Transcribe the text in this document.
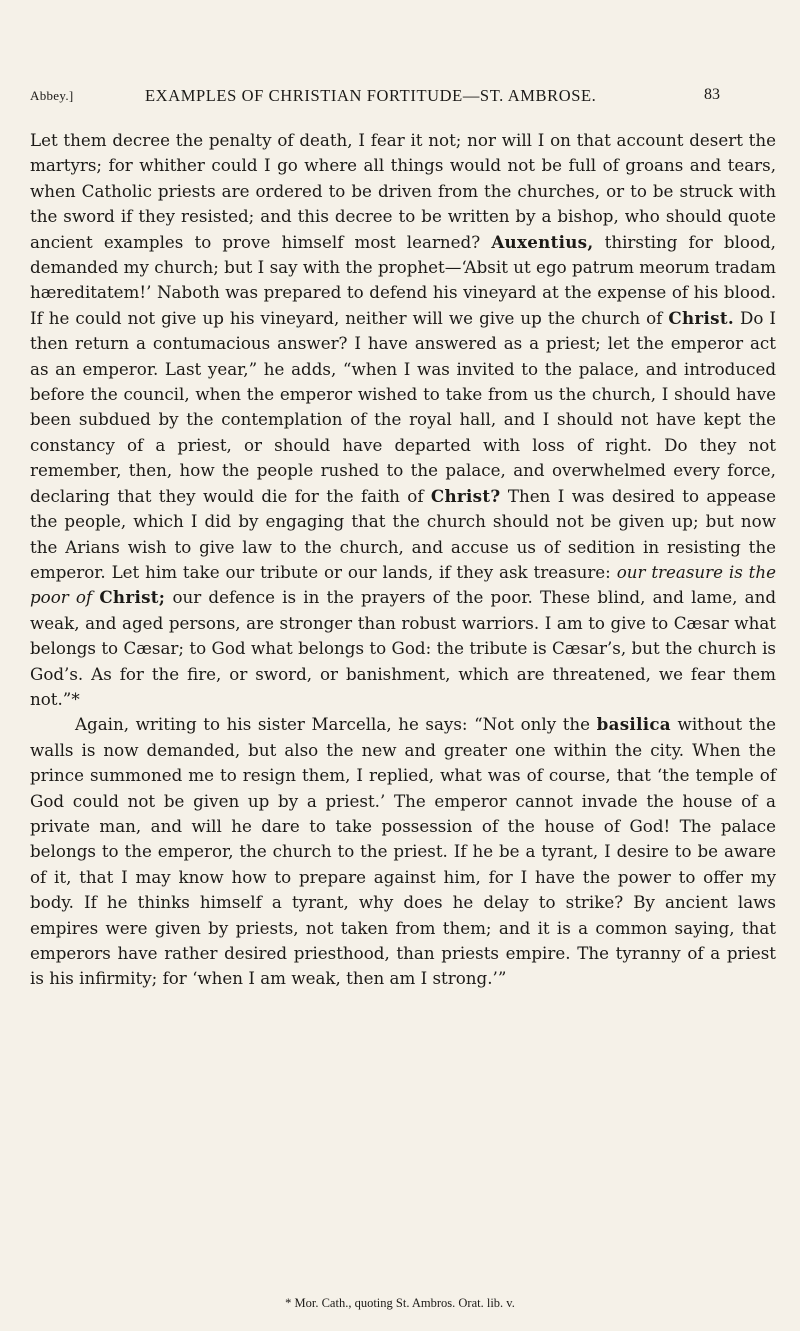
Abbey.]	EXAMPLES OF CHRISTIAN FORTITUDE—ST. AMBROSE.	83

Let them decree the penalty of death, I fear it not; nor will I on that account desert the martyrs; for whither could I go where all things would not be full of groans and tears, when Catholic priests are ordered to be driven from the churches, or to be struck with the sword if they resisted; and this decree to be written by a bishop, who should quote ancient examples to prove himself most learned? Auxentius, thirsting for blood, demanded my church; but I say with the prophet—‘Absit ut ego patrum meorum tradam hæreditatem!’ Naboth was prepared to defend his vineyard at the expense of his blood. If he could not give up his vineyard, neither will we give up the church of Christ. Do I then return a contumacious answer? I have answered as a priest; let the emperor act as an emperor. Last year,” he adds, “when I was invited to the palace, and introduced before the council, when the emperor wished to take from us the church, I should have been subdued by the contemplation of the royal hall, and I should not have kept the constancy of a priest, or should have departed with loss of right. Do they not remember, then, how the people rushed to the palace, and overwhelmed every force, declaring that they would die for the faith of Christ? Then I was desired to appease the people, which I did by engaging that the church should not be given up; but now the Arians wish to give law to the church, and accuse us of sedition in resisting the emperor. Let him take our tribute or our lands, if they ask treasure: our treasure is the poor of Christ; our defence is in the prayers of the poor. These blind, and lame, and weak, and aged persons, are stronger than robust warriors. I am to give to Cæsar what belongs to Cæsar; to God what belongs to God: the tribute is Cæsar’s, but the church is God’s. As for the fire, or sword, or banishment, which are threatened, we fear them not.”*

Again, writing to his sister Marcella, he says: “Not only the basilica without the walls is now demanded, but also the new and greater one within the city. When the prince summoned me to resign them, I replied, what was of course, that ‘the temple of God could not be given up by a priest.’ The emperor cannot invade the house of a private man, and will he dare to take possession of the house of God! The palace belongs to the emperor, the church to the priest. If he be a tyrant, I desire to be aware of it, that I may know how to prepare against him, for I have the power to offer my body. If he thinks himself a tyrant, why does he delay to strike? By ancient laws empires were given by priests, not taken from them; and it is a common saying, that emperors have rather desired priesthood, than priests empire. The tyranny of a priest is his infirmity; for ‘when I am weak, then am I strong.’”

* Mor. Cath., quoting St. Ambros. Orat. lib. v.
